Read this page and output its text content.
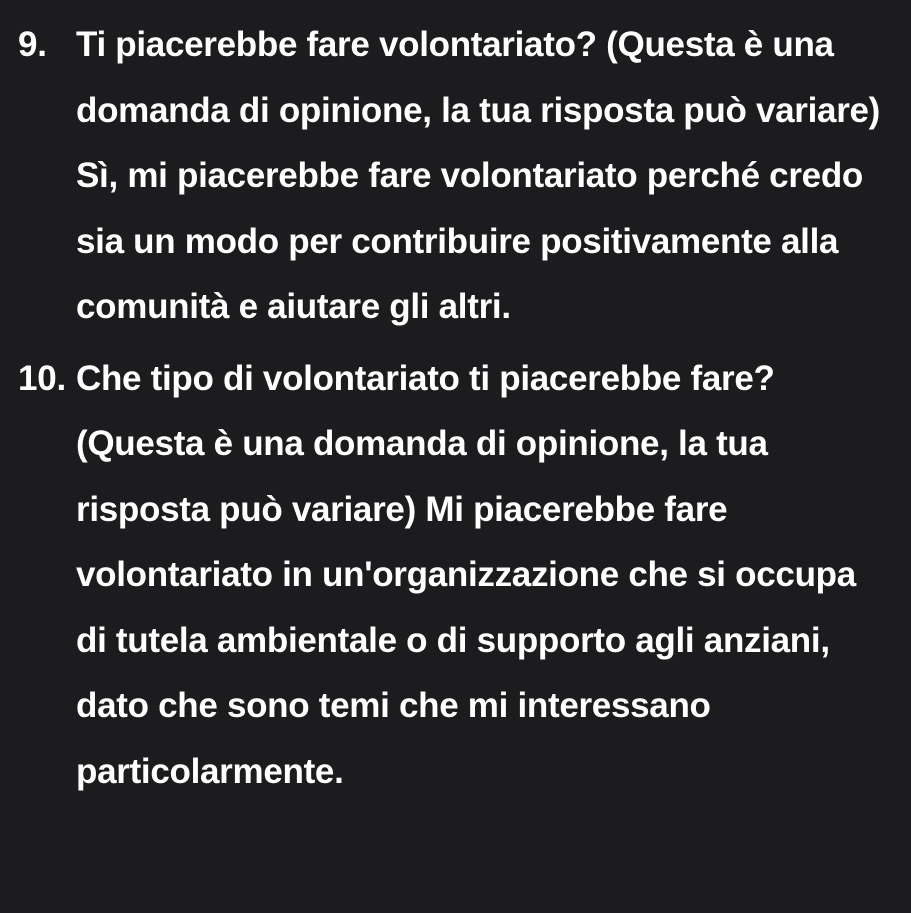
9. Ti piacerebbe fare volontariato? (Questa è una domanda di opinione, la tua risposta può variare) Sì, mi piacerebbe fare volontariato perché credo sia un modo per contribuire positivamente alla comunità e aiutare gli altri.
10. Che tipo di volontariato ti piacerebbe fare? (Questa è una domanda di opinione, la tua risposta può variare) Mi piacerebbe fare volontariato in un'organizzazione che si occupa di tutela ambientale o di supporto agli anziani, dato che sono temi che mi interessano particolarmente.
